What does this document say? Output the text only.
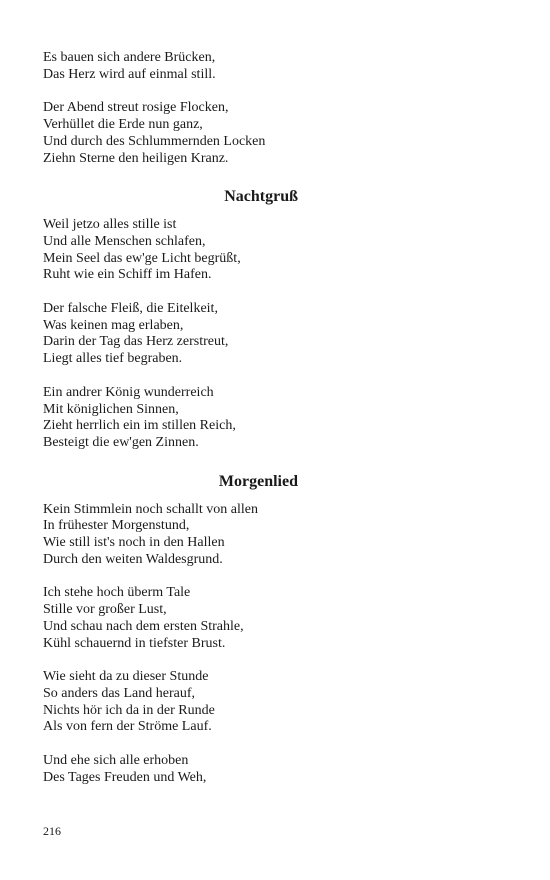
Es bauen sich andere Brücken,
Das Herz wird auf einmal still.
Der Abend streut rosige Flocken,
Verhüllet die Erde nun ganz,
Und durch des Schlummernden Locken
Ziehn Sterne den heiligen Kranz.
Nachtgruß
Weil jetzo alles stille ist
Und alle Menschen schlafen,
Mein Seel das ew'ge Licht begrüßt,
Ruht wie ein Schiff im Hafen.
Der falsche Fleiß, die Eitelkeit,
Was keinen mag erlaben,
Darin der Tag das Herz zerstreut,
Liegt alles tief begraben.
Ein andrer König wunderreich
Mit königlichen Sinnen,
Zieht herrlich ein im stillen Reich,
Besteigt die ew'gen Zinnen.
Morgenlied
Kein Stimmlein noch schallt von allen
In frühester Morgenstund,
Wie still ist's noch in den Hallen
Durch den weiten Waldesgrund.
Ich stehe hoch überm Tale
Stille vor großer Lust,
Und schau nach dem ersten Strahle,
Kühl schauernd in tiefster Brust.
Wie sieht da zu dieser Stunde
So anders das Land herauf,
Nichts hör ich da in der Runde
Als von fern der Ströme Lauf.
Und ehe sich alle erhoben
Des Tages Freuden und Weh,
216
